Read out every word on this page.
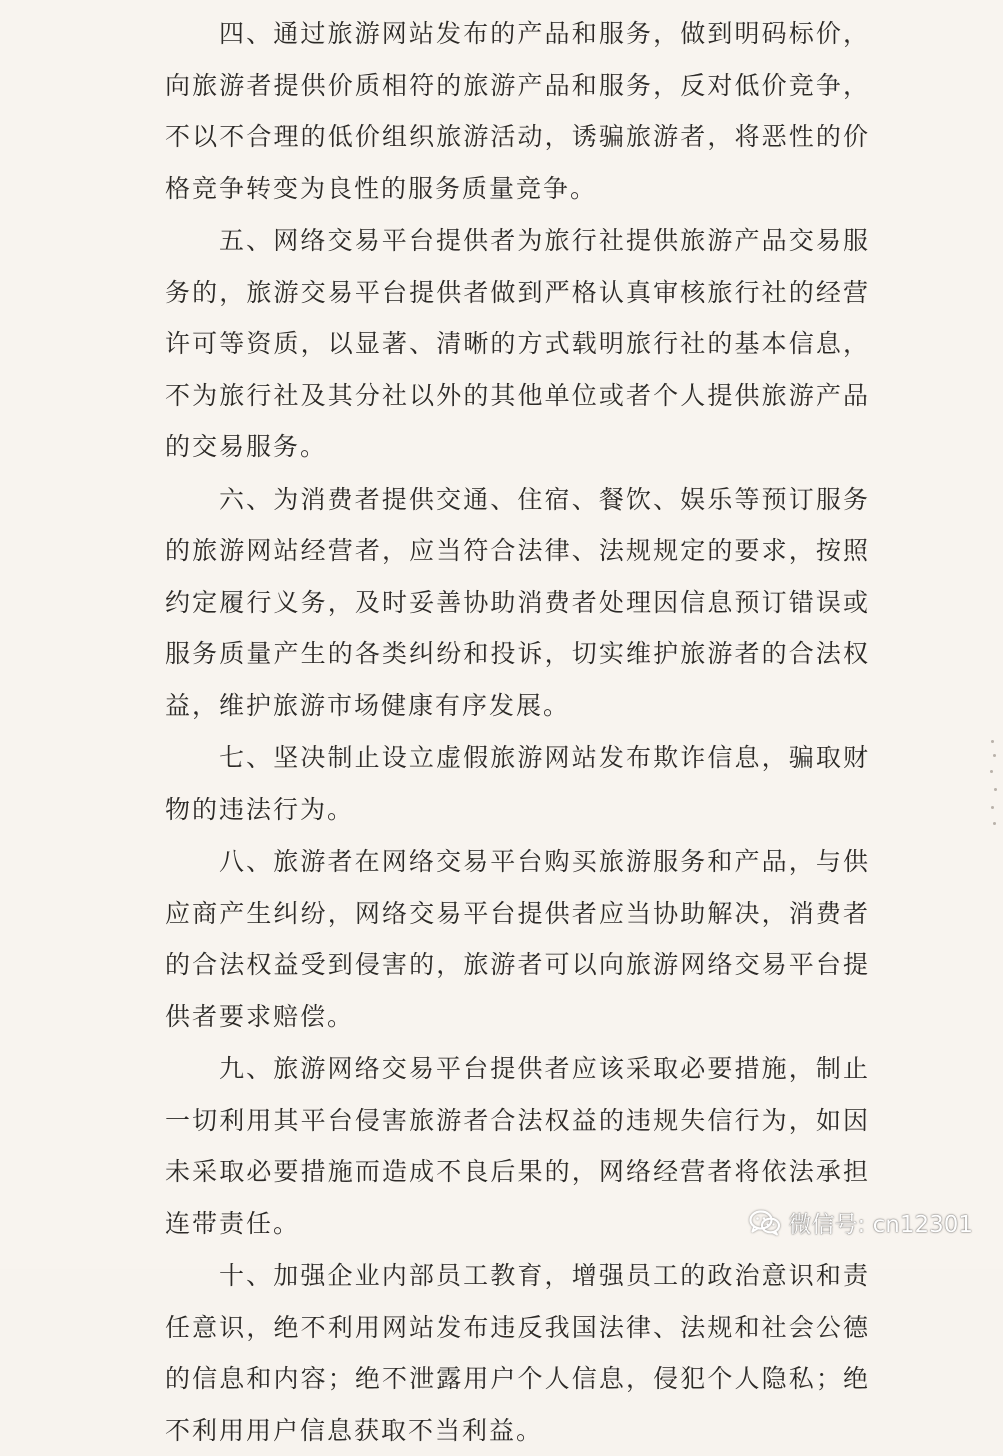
四、通过旅游网站发布的产品和服务，做到明码标价，向旅游者提供价质相符的旅游产品和服务，反对低价竞争，不以不合理的低价组织旅游活动，诱骗旅游者，将恶性的价格竞争转变为良性的服务质量竞争。

五、网络交易平台提供者为旅行社提供旅游产品交易服务的，旅游交易平台提供者做到严格认真审核旅行社的经营许可等资质，以显著、清晰的方式载明旅行社的基本信息，不为旅行社及其分社以外的其他单位或者个人提供旅游产品的交易服务。

六、为消费者提供交通、住宿、餐饮、娱乐等预订服务的旅游网站经营者，应当符合法律、法规规定的要求，按照约定履行义务，及时妥善协助消费者处理因信息预订错误或服务质量产生的各类纠纷和投诉，切实维护旅游者的合法权益，维护旅游市场健康有序发展。

七、坚决制止设立虚假旅游网站发布欺诈信息，骗取财物的违法行为。

八、旅游者在网络交易平台购买旅游服务和产品，与供应商产生纠纷，网络交易平台提供者应当协助解决，消费者的合法权益受到侵害的，旅游者可以向旅游网络交易平台提供者要求赔偿。

九、旅游网络交易平台提供者应该采取必要措施，制止一切利用其平台侵害旅游者合法权益的违规失信行为，如因未采取必要措施而造成不良后果的，网络经营者将依法承担连带责任。

十、加强企业内部员工教育，增强员工的政治意识和责任意识，绝不利用网站发布违反我国法律、法规和社会公德的信息和内容；绝不泄露用户个人信息，侵犯个人隐私；绝不利用用户信息获取不当利益。

微信号: cn12301
